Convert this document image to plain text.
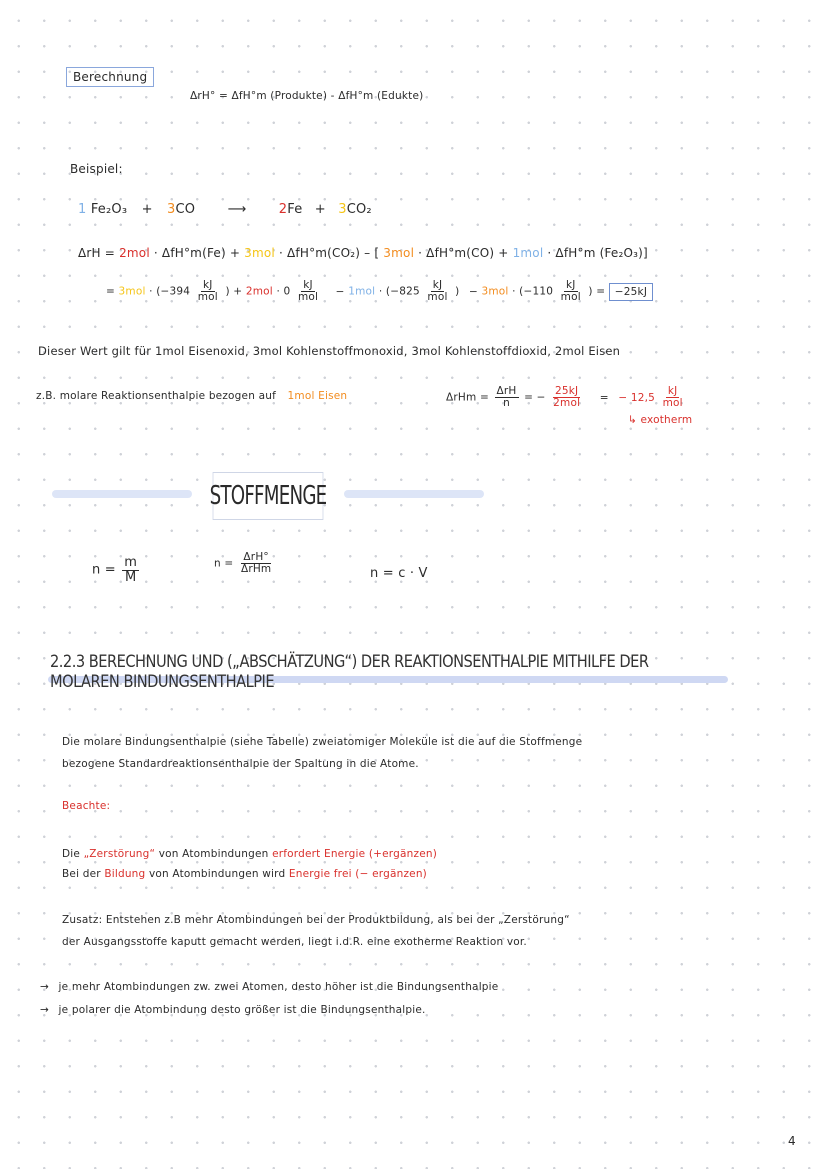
Berechnung
ΔrH° = ΔfH°m (Produkte) - ΔfH°m (Edukte)
Beispiel:
1 Fe₂O₃ + 3CO ⟶ 2Fe + 3CO₂
ΔrH = 2mol · ΔfH°m(Fe) + 3mol · ΔfH°m(CO₂) – [ 3mol · ΔfH°m(CO) + 1mol · ΔfH°m (Fe₂O₃)]
= $3mol \cdot (-394 \frac{kJ}{\text{mol}}$ ) + $2mol \cdot 0 \frac{kJ}{\text{mol}} - 1mol \cdot (-825 \frac{kJ}{\text{mol}}$ ) − $3mol \cdot (-110 \frac{kJ}{\text{mol}}$ ) = −25kJ
Dieser Wert gilt für 1mol Eisenoxid, 3mol Kohlenstoffmonoxid, 3mol Kohlenstoffdioxid, 2mol Eisen
z.B. molare Reaktionsenthalpie bezogen auf 1mol Eisen	$\Delta rHm = \frac{\text{ΔrH}}{n}$ = − $\frac{25kJ}{\text{2mol}}$ = − $12,5 \frac{kJ}{\text{mol}}$
↳ exotherm
STOFFMENGE
$n = \frac{m}{M}$	$n = \frac{\text{ΔrH°}}{\text{ΔrHm}}$	n = c · V
2.2.3 BERECHNUNG UND („ABSCHÄTZUNG“) DER REAKTIONSENTHALPIE MITHILFE DER MOLAREN BINDUNGSENTHALPIE
Die molare Bindungsenthalpie (siehe Tabelle) zweiatomiger Moleküle ist die auf die Stoffmenge
bezogene Standardreaktionsenthalpie der Spaltung in die Atome.
Beachte:
Die „Zerstörung“ von Atombindungen erfordert Energie (+ergänzen)
Bei der Bildung von Atombindungen wird Energie frei (− ergänzen)
Zusatz: Entstehen z.B mehr Atombindungen bei der Produktbildung, als bei der „Zerstörung“
der Ausgangsstoffe kaputt gemacht werden, liegt i.d.R. eine exotherme Reaktion vor.
→ je mehr Atombindungen zw. zwei Atomen, desto höher ist die Bindungsenthalpie
→ je polarer die Atombindung desto größer ist die Bindungsenthalpie.
4
